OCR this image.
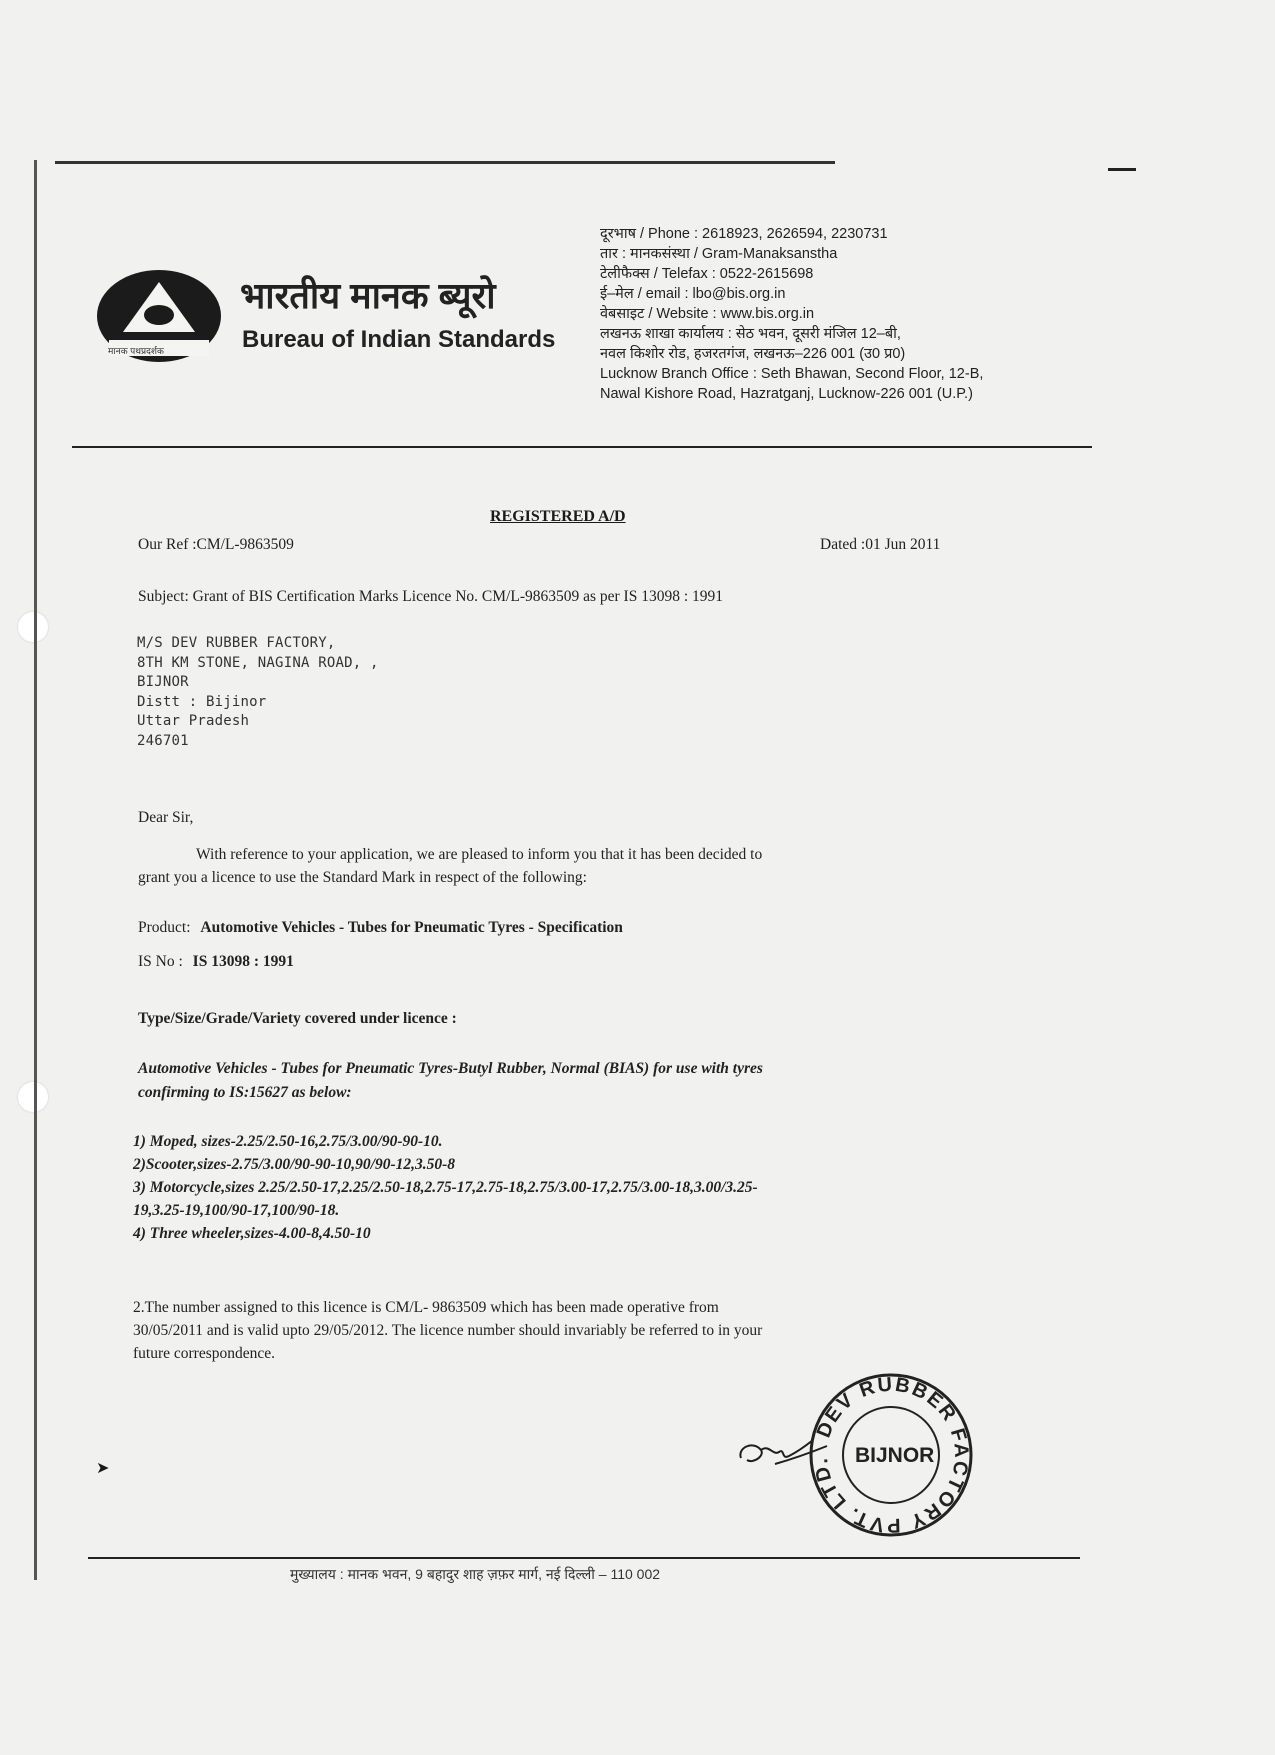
मानक पथप्रदर्शक
भारतीय मानक ब्यूरो
Bureau of Indian Standards
दूरभाष / Phone : 2618923, 2626594, 2230731
तार : मानकसंस्था / Gram-Manaksanstha
टेलीफैक्स / Telefax : 0522-2615698
ई–मेल / email : lbo@bis.org.in
वेबसाइट / Website : www.bis.org.in
लखनऊ शाखा कार्यालय : सेठ भवन, दूसरी मंजिल 12–बी,
नवल किशोर रोड, हजरतगंज, लखनऊ–226 001 (उ0 प्र0)
Lucknow Branch Office : Seth Bhawan, Second Floor, 12-B,
Nawal Kishore Road, Hazratganj, Lucknow-226 001 (U.P.)
REGISTERED A/D
Our Ref :CM/L-9863509	Dated :01 Jun 2011
Subject: Grant of BIS Certification Marks Licence No. CM/L-9863509 as per IS 13098 : 1991
M/S DEV RUBBER FACTORY,
8TH KM STONE, NAGINA ROAD, ,
BIJNOR
Distt : Bijinor
Uttar Pradesh
246701
Dear Sir,
With reference to your application, we are pleased to inform you that it has been decided to
grant you a licence to use the Standard Mark in respect of the following:
Product: Automotive Vehicles - Tubes for Pneumatic Tyres - Specification
IS No : IS 13098 : 1991
Type/Size/Grade/Variety covered under licence :
Automotive Vehicles - Tubes for Pneumatic Tyres-Butyl Rubber, Normal (BIAS) for use with tyres
confirming to IS:15627 as below:
1) Moped, sizes-2.25/2.50-16,2.75/3.00/90-90-10.
2)Scooter,sizes-2.75/3.00/90-90-10,90/90-12,3.50-8
3) Motorcycle,sizes 2.25/2.50-17,2.25/2.50-18,2.75-17,2.75-18,2.75/3.00-17,2.75/3.00-18,3.00/3.25-
19,3.25-19,100/90-17,100/90-18.
4) Three wheeler,sizes-4.00-8,4.50-10
2.The number assigned to this licence is CM/L- 9863509 which has been made operative from
30/05/2011 and is valid upto 29/05/2012. The licence number should invariably be referred to in your
future correspondence.
DEV RUBBER FACTORY PVT. LTD.	BIJNOR
➤
मुख्यालय : मानक भवन, 9 बहादुर शाह ज़फ़र मार्ग, नई दिल्ली – 110 002
